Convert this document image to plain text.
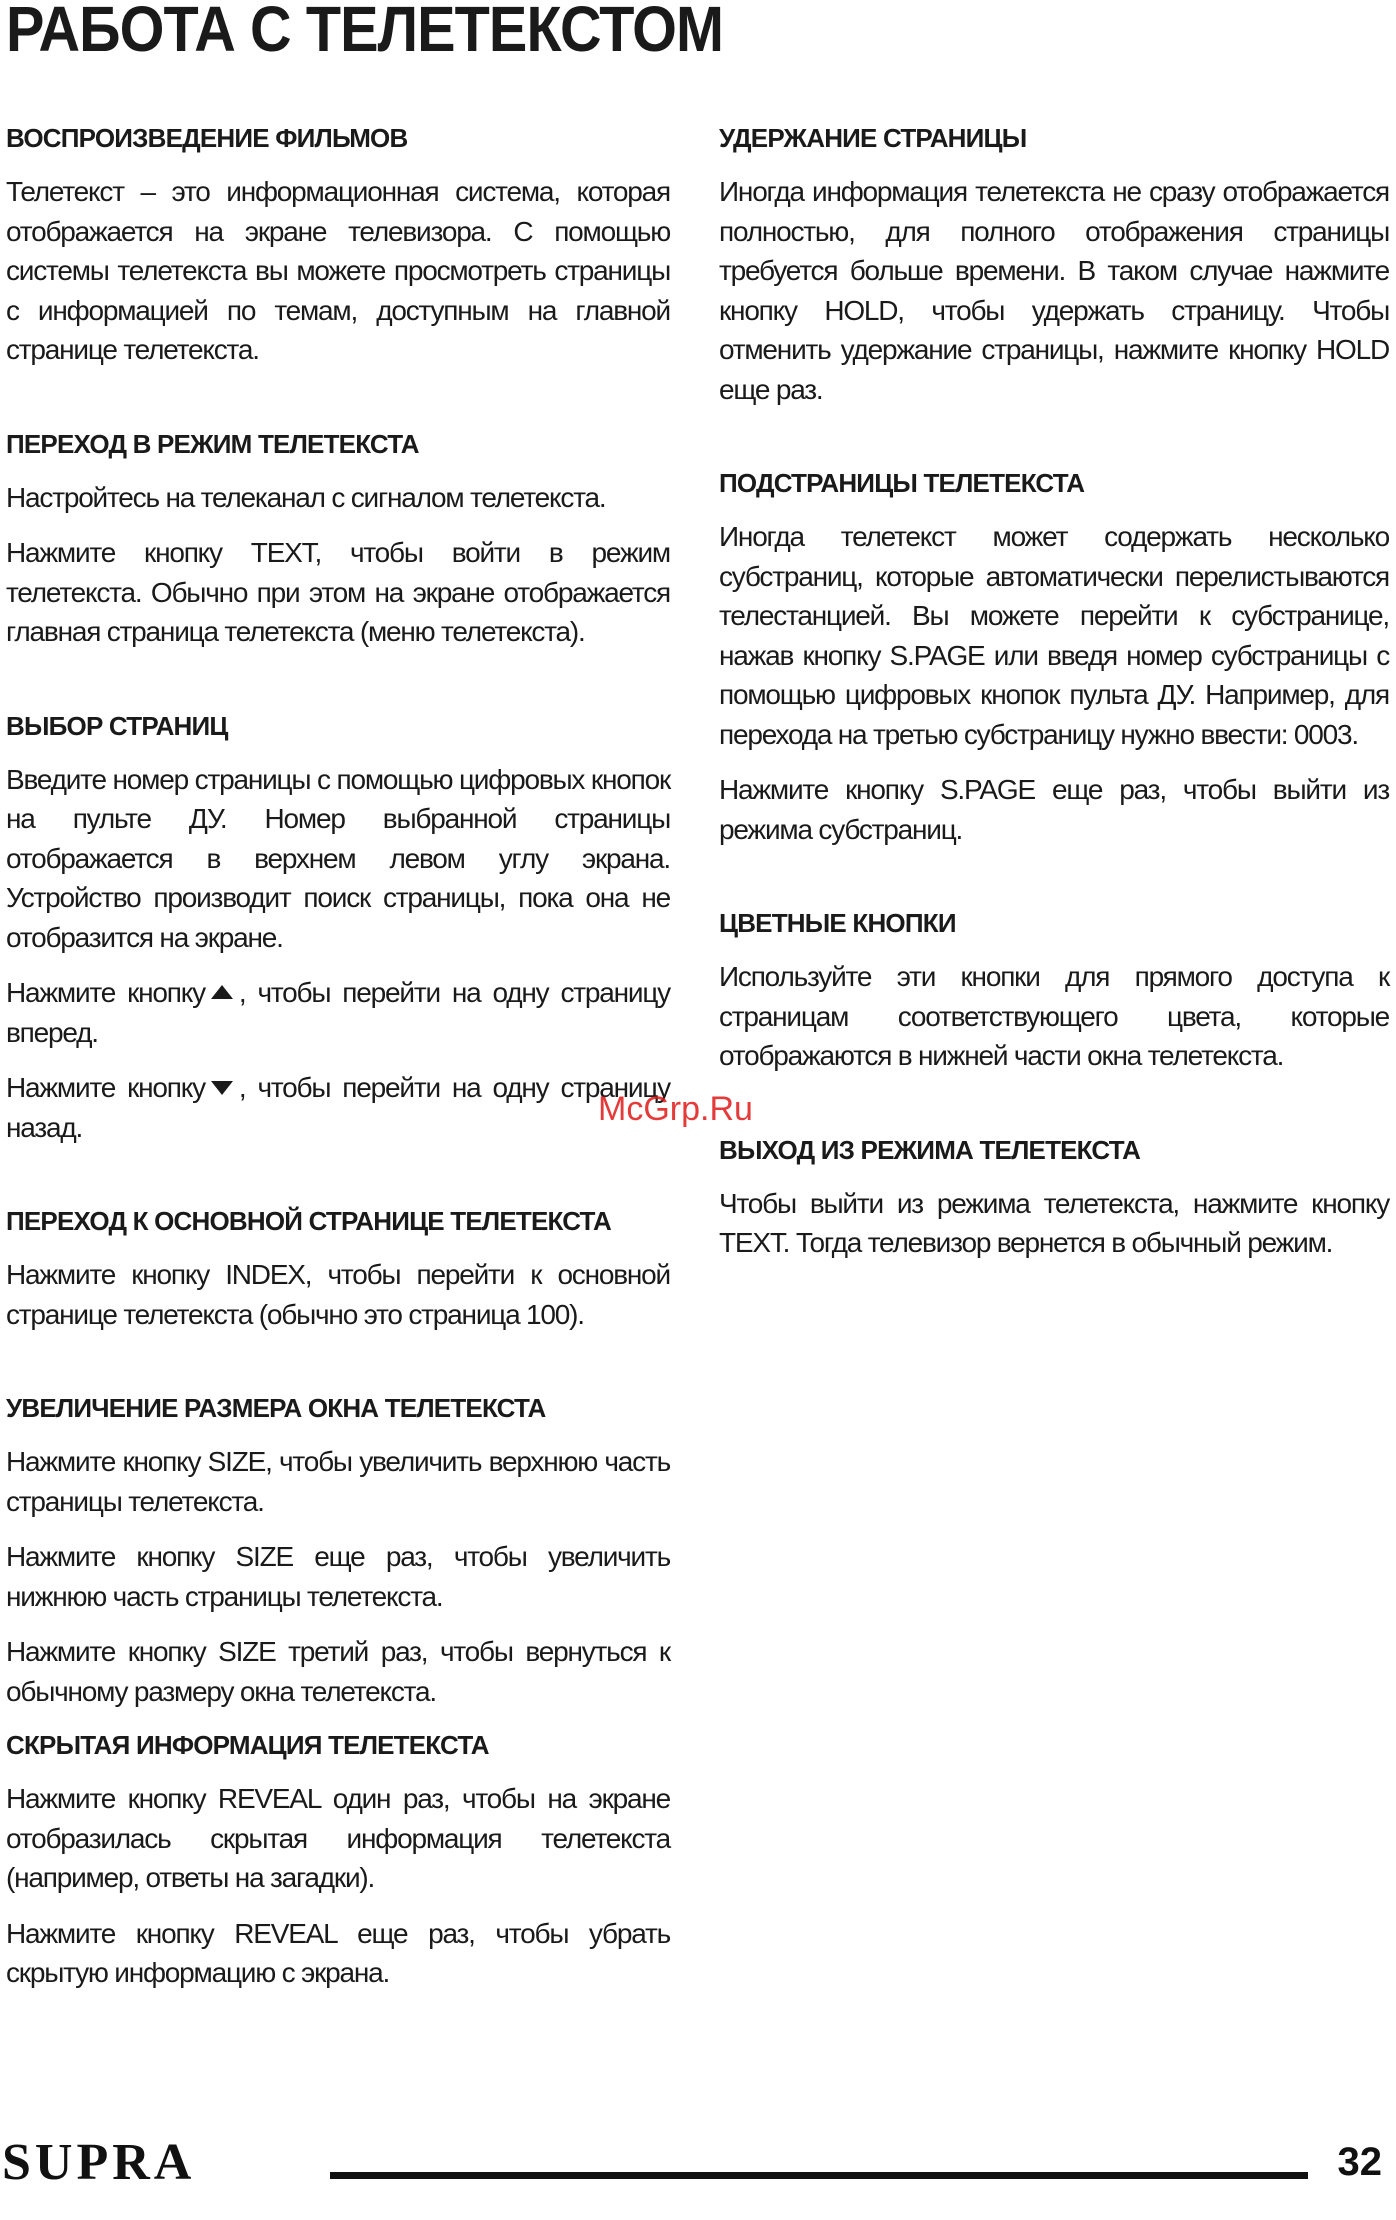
РАБОТА С ТЕЛЕТЕКСТОМ
ВОСПРОИЗВЕДЕНИЕ ФИЛЬМОВ

Телетекст – это информационная система, которая отображается на экране телевизора. С помощью системы телетекста вы можете просмотреть страницы с информацией по темам, доступным на главной странице телетекста.

ПЕРЕХОД В РЕЖИМ ТЕЛЕТЕКСТА

Настройтесь на телеканал с сигналом телетекста.

Нажмите кнопку TEXT, чтобы войти в режим телетекста. Обычно при этом на экране отображается главная страница телетекста (меню телетекста).

ВЫБОР СТРАНИЦ

Введите номер страницы с помощью цифровых кнопок на пульте ДУ. Номер выбранной страницы отображается в верхнем левом углу экрана. Устройство производит поиск страницы, пока она не отобразится на экране.

Нажмите кнопку , чтобы перейти на одну страницу вперед.

Нажмите кнопку , чтобы перейти на одну страницу назад.

ПЕРЕХОД К ОСНОВНОЙ СТРАНИЦЕ ТЕЛЕТЕКСТА

Нажмите кнопку INDEX, чтобы перейти к основной странице телетекста (обычно это страница 100).

УВЕЛИЧЕНИЕ РАЗМЕРА ОКНА ТЕЛЕТЕКСТА

Нажмите кнопку SIZE, чтобы увеличить верхнюю часть страницы телетекста.

Нажмите кнопку SIZE еще раз, чтобы увеличить нижнюю часть страницы телетекста.

Нажмите кнопку SIZE третий раз, чтобы вернуться к обычному размеру окна телетекста.

СКРЫТАЯ ИНФОРМАЦИЯ ТЕЛЕТЕКСТА

Нажмите кнопку REVEAL один раз, чтобы на экране отобразилась скрытая информация телетекста (например, ответы на загадки).

Нажмите кнопку REVEAL еще раз, чтобы убрать скрытую информацию с экрана.

УДЕРЖАНИЕ СТРАНИЦЫ

Иногда информация телетекста не сразу отображается полностью, для полного отображения страницы требуется больше времени. В таком случае нажмите кнопку HOLD, чтобы удержать страницу. Чтобы отменить удержание страницы, нажмите кнопку HOLD еще раз.

ПОДСТРАНИЦЫ ТЕЛЕТЕКСТА

Иногда телетекст может содержать несколько субстраниц, которые автоматически перелистываются телестанцией. Вы можете перейти к субстранице, нажав кнопку S.PAGE или введя номер субстраницы с помощью цифровых кнопок пульта ДУ. Например, для перехода на третью субстраницу нужно ввести: 0003.

Нажмите кнопку S.PAGE еще раз, чтобы выйти из режима субстраниц.

ЦВЕТНЫЕ КНОПКИ

Используйте эти кнопки для прямого доступа к страницам соответствующего цвета, которые отображаются в нижней части окна телетекста.

ВЫХОД ИЗ РЕЖИМА ТЕЛЕТЕКСТА

Чтобы выйти из режима телетекста, нажмите кнопку TEXT. Тогда телевизор вернется в обычный режим.

McGrp.Ru
SUPRA	32
